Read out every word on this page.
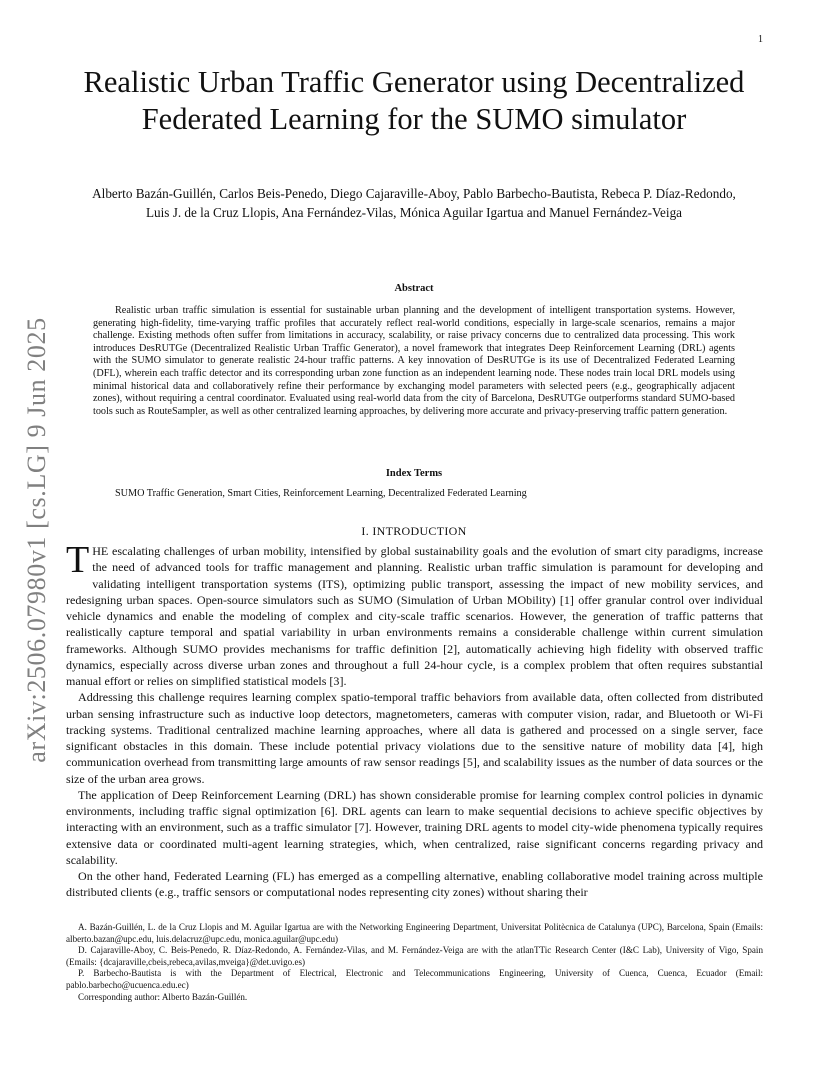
1
arXiv:2506.07980v1 [cs.LG] 9 Jun 2025
Realistic Urban Traffic Generator using Decentralized Federated Learning for the SUMO simulator
Alberto Bazán-Guillén, Carlos Beis-Penedo, Diego Cajaraville-Aboy, Pablo Barbecho-Bautista, Rebeca P. Díaz-Redondo, Luis J. de la Cruz Llopis, Ana Fernández-Vilas, Mónica Aguilar Igartua and Manuel Fernández-Veiga
Abstract

Realistic urban traffic simulation is essential for sustainable urban planning and the development of intelligent transportation systems. However, generating high-fidelity, time-varying traffic profiles that accurately reflect real-world conditions, especially in large-scale scenarios, remains a major challenge. Existing methods often suffer from limitations in accuracy, scalability, or raise privacy concerns due to centralized data processing. This work introduces DesRUTGe (Decentralized Realistic Urban Traffic Generator), a novel framework that integrates Deep Reinforcement Learning (DRL) agents with the SUMO simulator to generate realistic 24-hour traffic patterns. A key innovation of DesRUTGe is its use of Decentralized Federated Learning (DFL), wherein each traffic detector and its corresponding urban zone function as an independent learning node. These nodes train local DRL models using minimal historical data and collaboratively refine their performance by exchanging model parameters with selected peers (e.g., geographically adjacent zones), without requiring a central coordinator. Evaluated using real-world data from the city of Barcelona, DesRUTGe outperforms standard SUMO-based tools such as RouteSampler, as well as other centralized learning approaches, by delivering more accurate and privacy-preserving traffic pattern generation.

Index Terms
SUMO Traffic Generation, Smart Cities, Reinforcement Learning, Decentralized Federated Learning
I. INTRODUCTION

THE escalating challenges of urban mobility, intensified by global sustainability goals and the evolution of smart city paradigms, increase the need of advanced tools for traffic management and planning. Realistic urban traffic simulation is paramount for developing and validating intelligent transportation systems (ITS), optimizing public transport, assessing the impact of new mobility services, and redesigning urban spaces. Open-source simulators such as SUMO (Simulation of Urban MObility) [1] offer granular control over individual vehicle dynamics and enable the modeling of complex and city-scale traffic scenarios. However, the generation of traffic patterns that realistically capture temporal and spatial variability in urban environments remains a considerable challenge within current simulation frameworks. Although SUMO provides mechanisms for traffic definition [2], automatically achieving high fidelity with observed traffic dynamics, especially across diverse urban zones and throughout a full 24-hour cycle, is a complex problem that often requires substantial manual effort or relies on simplified statistical models [3].

Addressing this challenge requires learning complex spatio-temporal traffic behaviors from available data, often collected from distributed urban sensing infrastructure such as inductive loop detectors, magnetometers, cameras with computer vision, radar, and Bluetooth or Wi-Fi tracking systems. Traditional centralized machine learning approaches, where all data is gathered and processed on a single server, face significant obstacles in this domain. These include potential privacy violations due to the sensitive nature of mobility data [4], high communication overhead from transmitting large amounts of raw sensor readings [5], and scalability issues as the number of data sources or the size of the urban area grows.

The application of Deep Reinforcement Learning (DRL) has shown considerable promise for learning complex control policies in dynamic environments, including traffic signal optimization [6]. DRL agents can learn to make sequential decisions to achieve specific objectives by interacting with an environment, such as a traffic simulator [7]. However, training DRL agents to model city-wide phenomena typically requires extensive data or coordinated multi-agent learning strategies, which, when centralized, raise significant concerns regarding privacy and scalability.

On the other hand, Federated Learning (FL) has emerged as a compelling alternative, enabling collaborative model training across multiple distributed clients (e.g., traffic sensors or computational nodes representing city zones) without sharing their

A. Bazán-Guillén, L. de la Cruz Llopis and M. Aguilar Igartua are with the Networking Engineering Department, Universitat Politècnica de Catalunya (UPC), Barcelona, Spain (Emails: alberto.bazan@upc.edu, luis.delacruz@upc.edu, monica.aguilar@upc.edu)

D. Cajaraville-Aboy, C. Beis-Penedo, R. Díaz-Redondo, A. Fernández-Vilas, and M. Fernández-Veiga are with the atlanTTic Research Center (I&C Lab), University of Vigo, Spain (Emails: {dcajaraville,cbeis,rebeca,avilas,mveiga}@det.uvigo.es)

P. Barbecho-Bautista is with the Department of Electrical, Electronic and Telecommunications Engineering, University of Cuenca, Cuenca, Ecuador (Email: pablo.barbecho@ucuenca.edu.ec)

Corresponding author: Alberto Bazán-Guillén.
